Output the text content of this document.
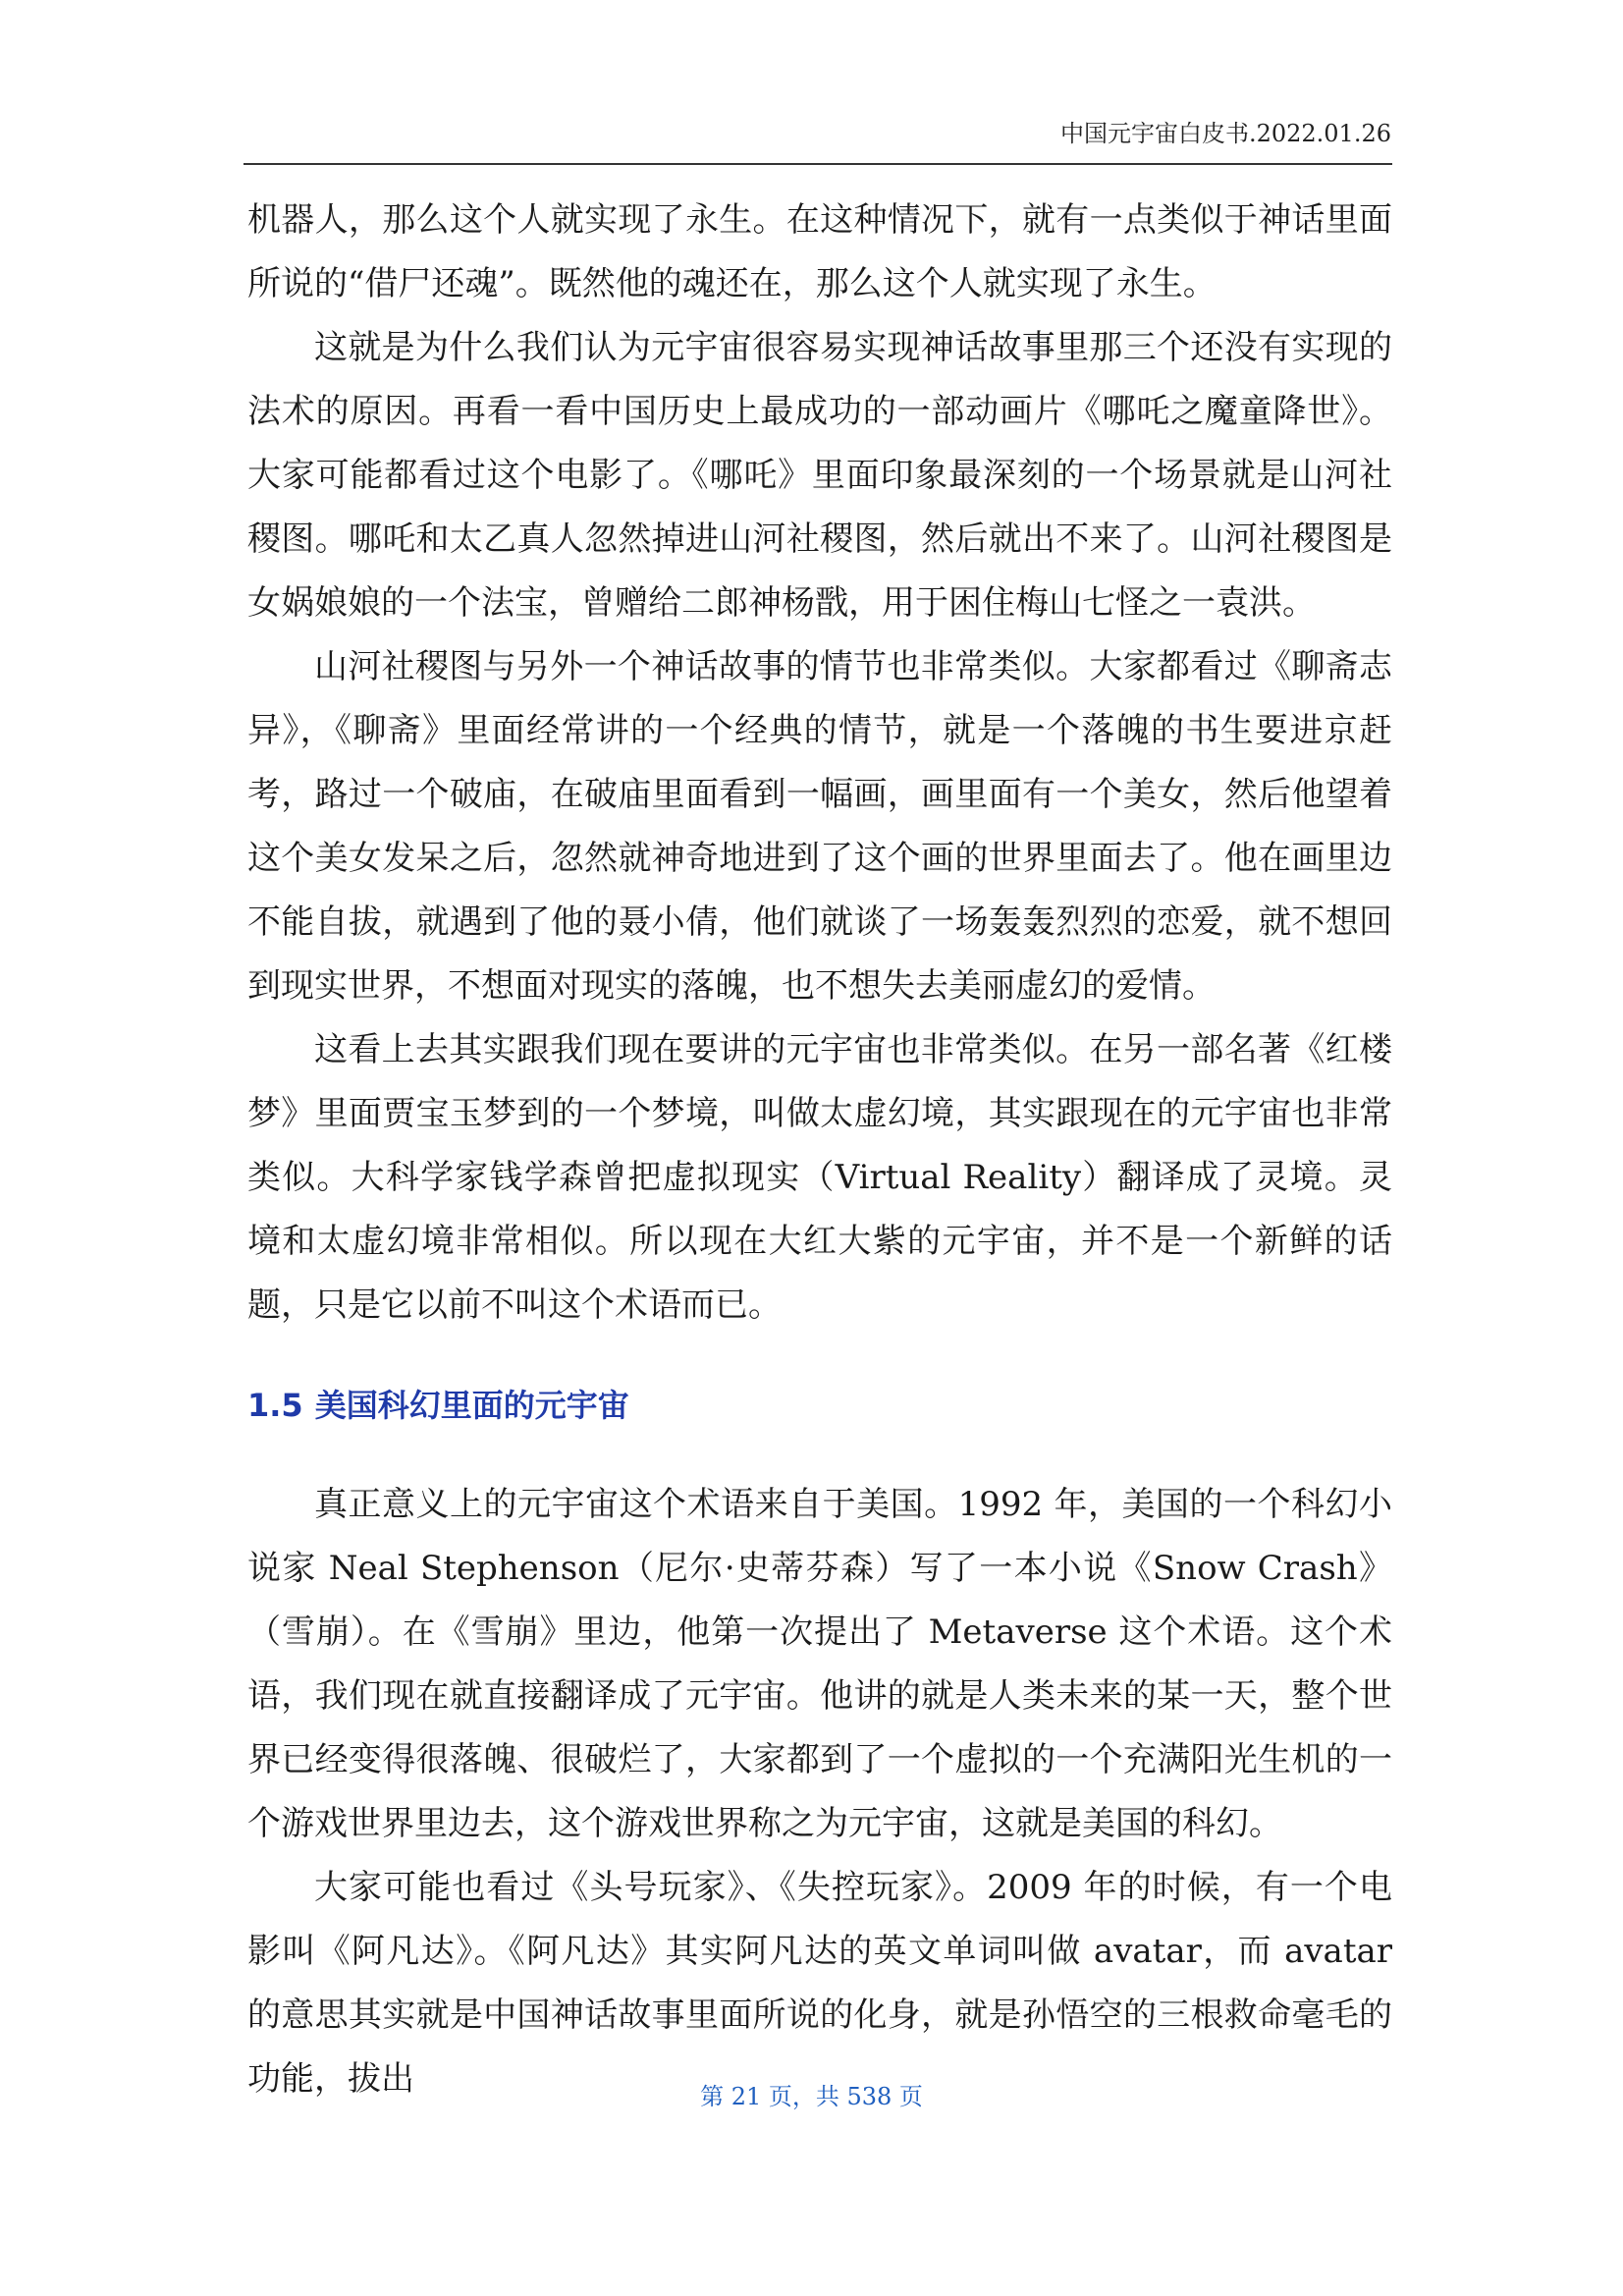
中国元宇宙白皮书.2022.01.26

机器人，那么这个人就实现了永生。在这种情况下，就有一点类似于神话里面所说的“借尸还魂”。既然他的魂还在，那么这个人就实现了永生。

这就是为什么我们认为元宇宙很容易实现神话故事里那三个还没有实现的法术的原因。再看一看中国历史上最成功的一部动画片《哪吒之魔童降世》。大家可能都看过这个电影了。《哪吒》里面印象最深刻的一个场景就是山河社稷图。哪吒和太乙真人忽然掉进山河社稷图，然后就出不来了。山河社稷图是女娲娘娘的一个法宝，曾赠给二郎神杨戬，用于困住梅山七怪之一袁洪。

山河社稷图与另外一个神话故事的情节也非常类似。大家都看过《聊斋志异》，《聊斋》里面经常讲的一个经典的情节，就是一个落魄的书生要进京赶考，路过一个破庙，在破庙里面看到一幅画，画里面有一个美女，然后他望着这个美女发呆之后，忽然就神奇地进到了这个画的世界里面去了。他在画里边不能自拔，就遇到了他的聂小倩，他们就谈了一场轰轰烈烈的恋爱，就不想回到现实世界，不想面对现实的落魄，也不想失去美丽虚幻的爱情。

这看上去其实跟我们现在要讲的元宇宙也非常类似。在另一部名著《红楼梦》里面贾宝玉梦到的一个梦境，叫做太虚幻境，其实跟现在的元宇宙也非常类似。大科学家钱学森曾把虚拟现实（Virtual Reality）翻译成了灵境。灵境和太虚幻境非常相似。所以现在大红大紫的元宇宙，并不是一个新鲜的话题，只是它以前不叫这个术语而已。

1.5 美国科幻里面的元宇宙

真正意义上的元宇宙这个术语来自于美国。1992 年，美国的一个科幻小说家 Neal Stephenson（尼尔·史蒂芬森）写了一本小说《Snow Crash》（雪崩）。在《雪崩》里边，他第一次提出了 Metaverse 这个术语。这个术语，我们现在就直接翻译成了元宇宙。他讲的就是人类未来的某一天，整个世界已经变得很落魄、很破烂了，大家都到了一个虚拟的一个充满阳光生机的一个游戏世界里边去，这个游戏世界称之为元宇宙，这就是美国的科幻。

大家可能也看过《头号玩家》、《失控玩家》。2009 年的时候，有一个电影叫《阿凡达》。《阿凡达》其实阿凡达的英文单词叫做 avatar，而 avatar 的意思其实就是中国神话故事里面所说的化身，就是孙悟空的三根救命毫毛的功能，拔出	第 21 页，共 538 页
